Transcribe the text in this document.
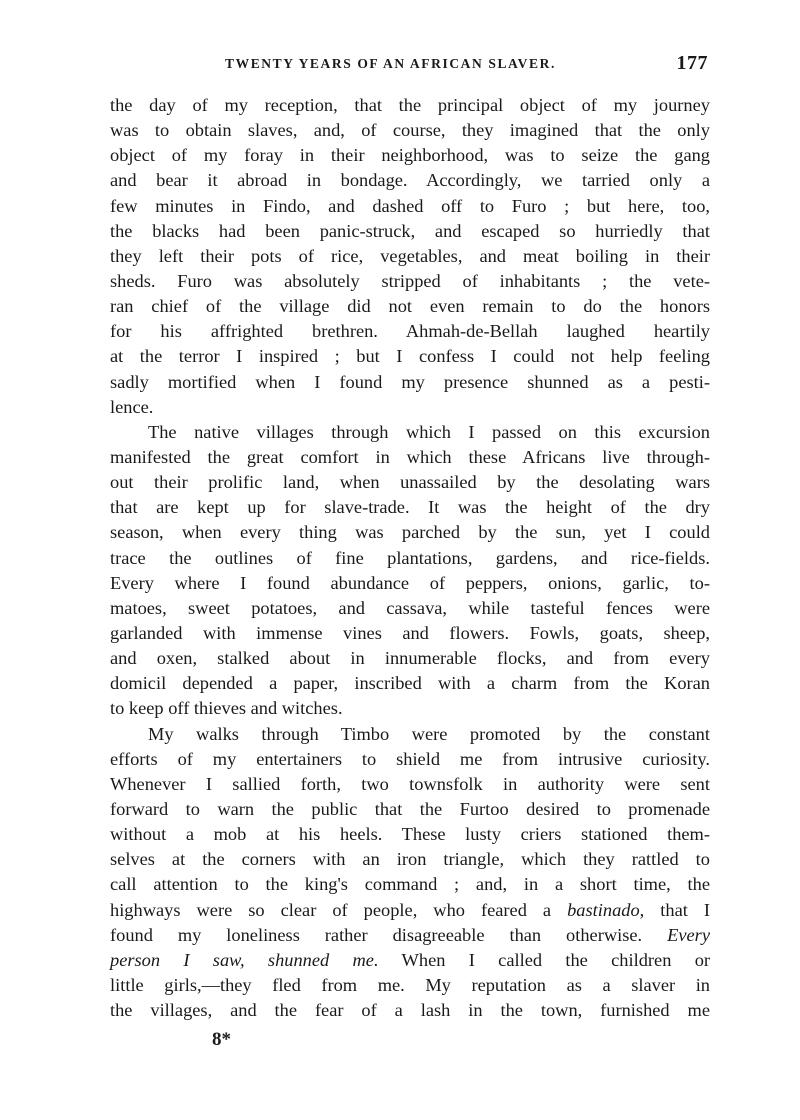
TWENTY YEARS OF AN AFRICAN SLAVER.	177
the day of my reception, that the principal object of my journey
was to obtain slaves, and, of course, they imagined that the only
object of my foray in their neighborhood, was to seize the gang
and bear it abroad in bondage. Accordingly, we tarried only a
few minutes in Findo, and dashed off to Furo ; but here, too,
the blacks had been panic-struck, and escaped so hurriedly that
they left their pots of rice, vegetables, and meat boiling in their
sheds. Furo was absolutely stripped of inhabitants ; the vete-
ran chief of the village did not even remain to do the honors
for his affrighted brethren. Ahmah-de-Bellah laughed heartily
at the terror I inspired ; but I confess I could not help feeling
sadly mortified when I found my presence shunned as a pesti-
lence.
The native villages through which I passed on this excursion
manifested the great comfort in which these Africans live through-
out their prolific land, when unassailed by the desolating wars
that are kept up for slave-trade. It was the height of the dry
season, when every thing was parched by the sun, yet I could
trace the outlines of fine plantations, gardens, and rice-fields.
Every where I found abundance of peppers, onions, garlic, to-
matoes, sweet potatoes, and cassava, while tasteful fences were
garlanded with immense vines and flowers. Fowls, goats, sheep,
and oxen, stalked about in innumerable flocks, and from every
domicil depended a paper, inscribed with a charm from the Koran
to keep off thieves and witches.
My walks through Timbo were promoted by the constant
efforts of my entertainers to shield me from intrusive curiosity.
Whenever I sallied forth, two townsfolk in authority were sent
forward to warn the public that the Furtoo desired to promenade
without a mob at his heels. These lusty criers stationed them-
selves at the corners with an iron triangle, which they rattled to
call attention to the king's command ; and, in a short time, the
highways were so clear of people, who feared a bastinado, that I
found my loneliness rather disagreeable than otherwise. Every
person I saw, shunned me. When I called the children or
little girls,—they fled from me. My reputation as a slaver in
the villages, and the fear of a lash in the town, furnished me
8*
